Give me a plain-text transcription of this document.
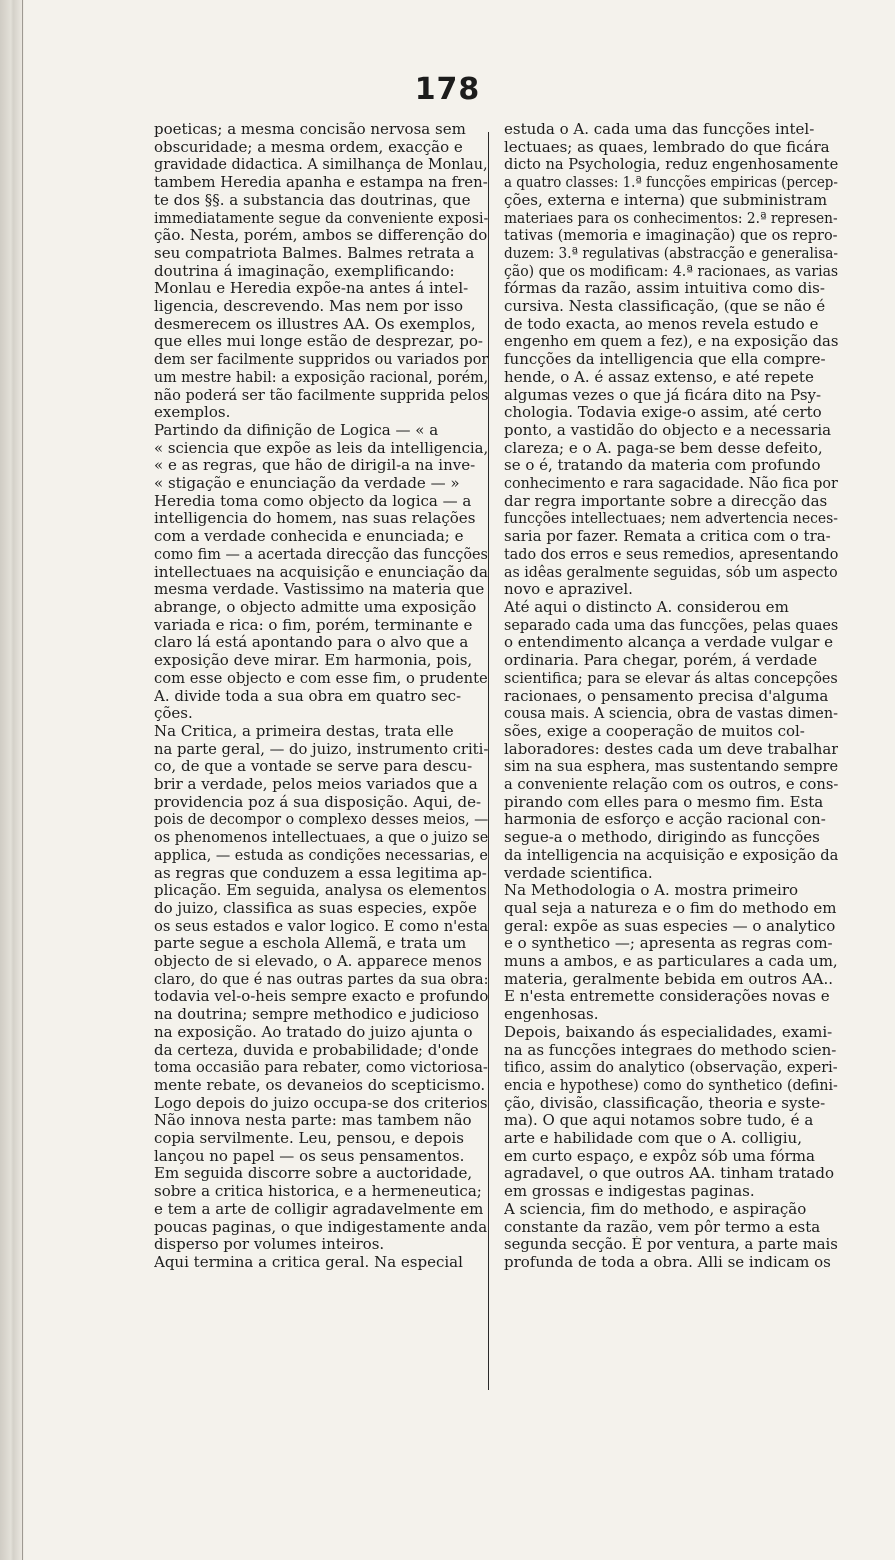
178
poeticas; a mesma concisão nervosa sem
obscuridade; a mesma ordem, exacção e
gravidade didactica. A similhança de Monlau,
tambem Heredia apanha e estampa na fren-
te dos §§. a substancia das doutrinas, que
immediatamente segue da conveniente exposi-
ção. Nesta, porém, ambos se differenção do
seu compatriota Balmes. Balmes retrata a
doutrina á imaginação, exemplificando:
Monlau e Heredia expõe-na antes á intel-
ligencia, descrevendo. Mas nem por isso
desmerecem os illustres AA. Os exemplos,
que elles mui longe estão de desprezar, po-
dem ser facilmente suppridos ou variados por
um mestre habil: a exposição racional, porém,
não poderá ser tão facilmente supprida pelos
exemplos.
Partindo da difinição de Logica — « a
« sciencia que expõe as leis da intelligencia,
« e as regras, que hão de dirigil-a na inve-
« stigação e enunciação da verdade — »
Heredia toma como objecto da logica — a
intelligencia do homem, nas suas relações
com a verdade conhecida e enunciada; e
como fim — a acertada direcção das funcções
intellectuaes na acquisição e enunciação da
mesma verdade. Vastissimo na materia que
abrange, o objecto admitte uma exposição
variada e rica: o fim, porém, terminante e
claro lá está apontando para o alvo que a
exposição deve mirar. Em harmonia, pois,
com esse objecto e com esse fim, o prudente
A. divide toda a sua obra em quatro sec-
ções.
Na Critica, a primeira destas, trata elle
na parte geral, — do juizo, instrumento criti-
co, de que a vontade se serve para descu-
brir a verdade, pelos meios variados que a
providencia poz á sua disposição. Aqui, de-
pois de decompor o complexo desses meios, —
os phenomenos intellectuaes, a que o juizo se
applica, — estuda as condições necessarias, e
as regras que conduzem a essa legitima ap-
plicação. Em seguida, analysa os elementos
do juizo, classifica as suas especies, expõe
os seus estados e valor logico. E como n'esta
parte segue a eschola Allemã, e trata um
objecto de si elevado, o A. apparece menos
claro, do que é nas outras partes da sua obra:
todavia vel-o-heis sempre exacto e profundo
na doutrina; sempre methodico e judicioso
na exposição. Ao tratado do juizo ajunta o
da certeza, duvida e probabilidade; d'onde
toma occasião para rebater, como victoriosa-
mente rebate, os devaneios do scepticismo.
Logo depois do juizo occupa-se dos criterios
Não innova nesta parte: mas tambem não
copia servilmente. Leu, pensou, e depois
lançou no papel — os seus pensamentos.
Em seguida discorre sobre a auctoridade,
sobre a critica historica, e a hermeneutica;
e tem a arte de colligir agradavelmente em
poucas paginas, o que indigestamente anda
disperso por volumes inteiros.
Aqui termina a critica geral. Na especial
estuda o A. cada uma das funcções intel-
lectuaes; as quaes, lembrado do que ficára
dicto na Psychologia, reduz engenhosamente
a quatro classes: 1.ª funcções empiricas (percep-
ções, externa e interna) que subministram
materiaes para os conhecimentos: 2.ª represen-
tativas (memoria e imaginação) que os repro-
duzem: 3.ª regulativas (abstracção e generalisa-
ção) que os modificam: 4.ª racionaes, as varias
fórmas da razão, assim intuitiva como dis-
cursiva. Nesta classificação, (que se não é
de todo exacta, ao menos revela estudo e
engenho em quem a fez), e na exposição das
funcções da intelligencia que ella compre-
hende, o A. é assaz extenso, e até repete
algumas vezes o que já ficára dito na Psy-
chologia. Todavia exige-o assim, até certo
ponto, a vastidão do objecto e a necessaria
clareza; e o A. paga-se bem desse defeito,
se o é, tratando da materia com profundo
conhecimento e rara sagacidade. Não fica por
dar regra importante sobre a direcção das
funcções intellectuaes; nem advertencia neces-
saria por fazer. Remata a critica com o tra-
tado dos erros e seus remedios, apresentando
as idêas geralmente seguidas, sób um aspecto
novo e aprazivel.
Até aqui o distincto A. considerou em
separado cada uma das funcções, pelas quaes
o entendimento alcança a verdade vulgar e
ordinaria. Para chegar, porém, á verdade
scientifica; para se elevar ás altas concepções
racionaes, o pensamento precisa d'alguma
cousa mais. A sciencia, obra de vastas dimen-
sões, exige a cooperação de muitos col-
laboradores: destes cada um deve trabalhar
sim na sua esphera, mas sustentando sempre
a conveniente relação com os outros, e cons-
pirando com elles para o mesmo fim. Esta
harmonia de esforço e acção racional con-
segue-a o methodo, dirigindo as funcções
da intelligencia na acquisição e exposição da
verdade scientifica.
Na Methodologia o A. mostra primeiro
qual seja a natureza e o fim do methodo em
geral: expõe as suas especies — o analytico
e o synthetico —; apresenta as regras com-
muns a ambos, e as particulares a cada um,
materia, geralmente bebida em outros AA..
E n'esta entremette considerações novas e
engenhosas.
Depois, baixando ás especialidades, exami-
na as funcções integraes do methodo scien-
tifico, assim do analytico (observação, experi-
encia e hypothese) como do synthetico (defini-
ção, divisão, classificação, theoria e syste-
ma). O que aqui notamos sobre tudo, é a
arte e habilidade com que o A. colligiu,
em curto espaço, e expôz sób uma fórma
agradavel, o que outros AA. tinham tratado
em grossas e indigestas paginas.
A sciencia, fim do methodo, e aspiração
constante da razão, vem pôr termo a esta
segunda secção. É por ventura, a parte mais
profunda de toda a obra. Alli se indicam os
